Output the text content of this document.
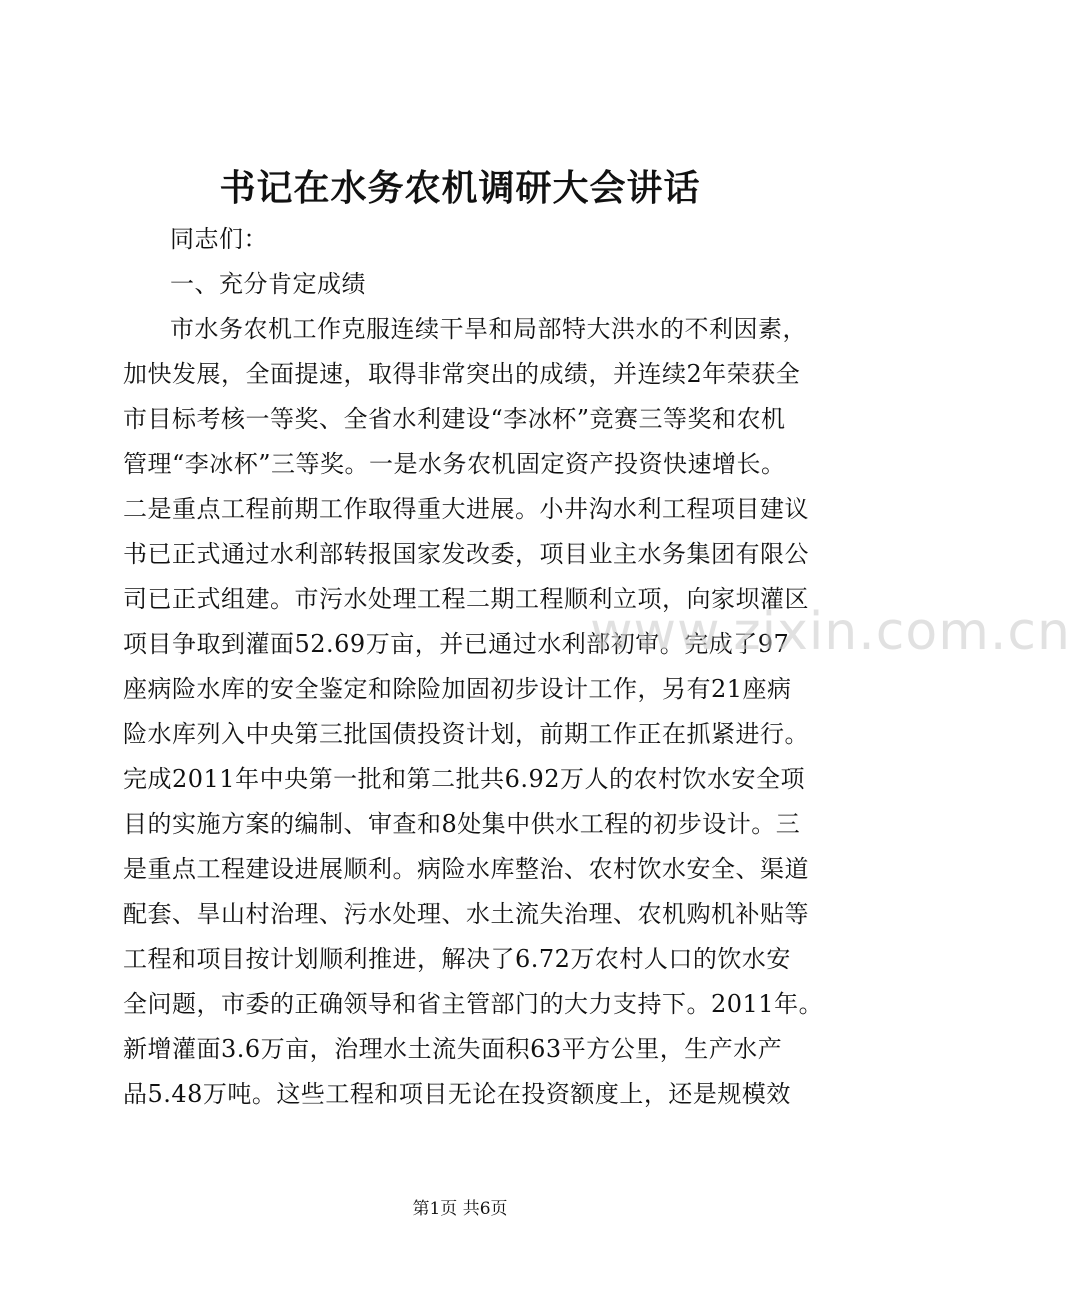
书记在水务农机调研大会讲话
同志们：
一、充分肯定成绩
市水务农机工作克服连续干旱和局部特大洪水的不利因素，
加快发展，全面提速，取得非常突出的成绩，并连续2年荣获全
市目标考核一等奖、全省水利建设“李冰杯”竞赛三等奖和农机
管理“李冰杯”三等奖。一是水务农机固定资产投资快速增长。
二是重点工程前期工作取得重大进展。小井沟水利工程项目建议
书已正式通过水利部转报国家发改委，项目业主水务集团有限公
司已正式组建。市污水处理工程二期工程顺利立项，向家坝灌区
项目争取到灌面52.69万亩，并已通过水利部初审。完成了97
座病险水库的安全鉴定和除险加固初步设计工作，另有21座病
险水库列入中央第三批国债投资计划，前期工作正在抓紧进行。
完成2011年中央第一批和第二批共6.92万人的农村饮水安全项
目的实施方案的编制、审查和8处集中供水工程的初步设计。三
是重点工程建设进展顺利。病险水库整治、农村饮水安全、渠道
配套、旱山村治理、污水处理、水土流失治理、农机购机补贴等
工程和项目按计划顺利推进，解决了6.72万农村人口的饮水安
全问题，市委的正确领导和省主管部门的大力支持下。2011年。
新增灌面3.6万亩，治理水土流失面积63平方公里，生产水产
品5.48万吨。这些工程和项目无论在投资额度上，还是规模效
www.zixin.com.cn
第1页 共6页
